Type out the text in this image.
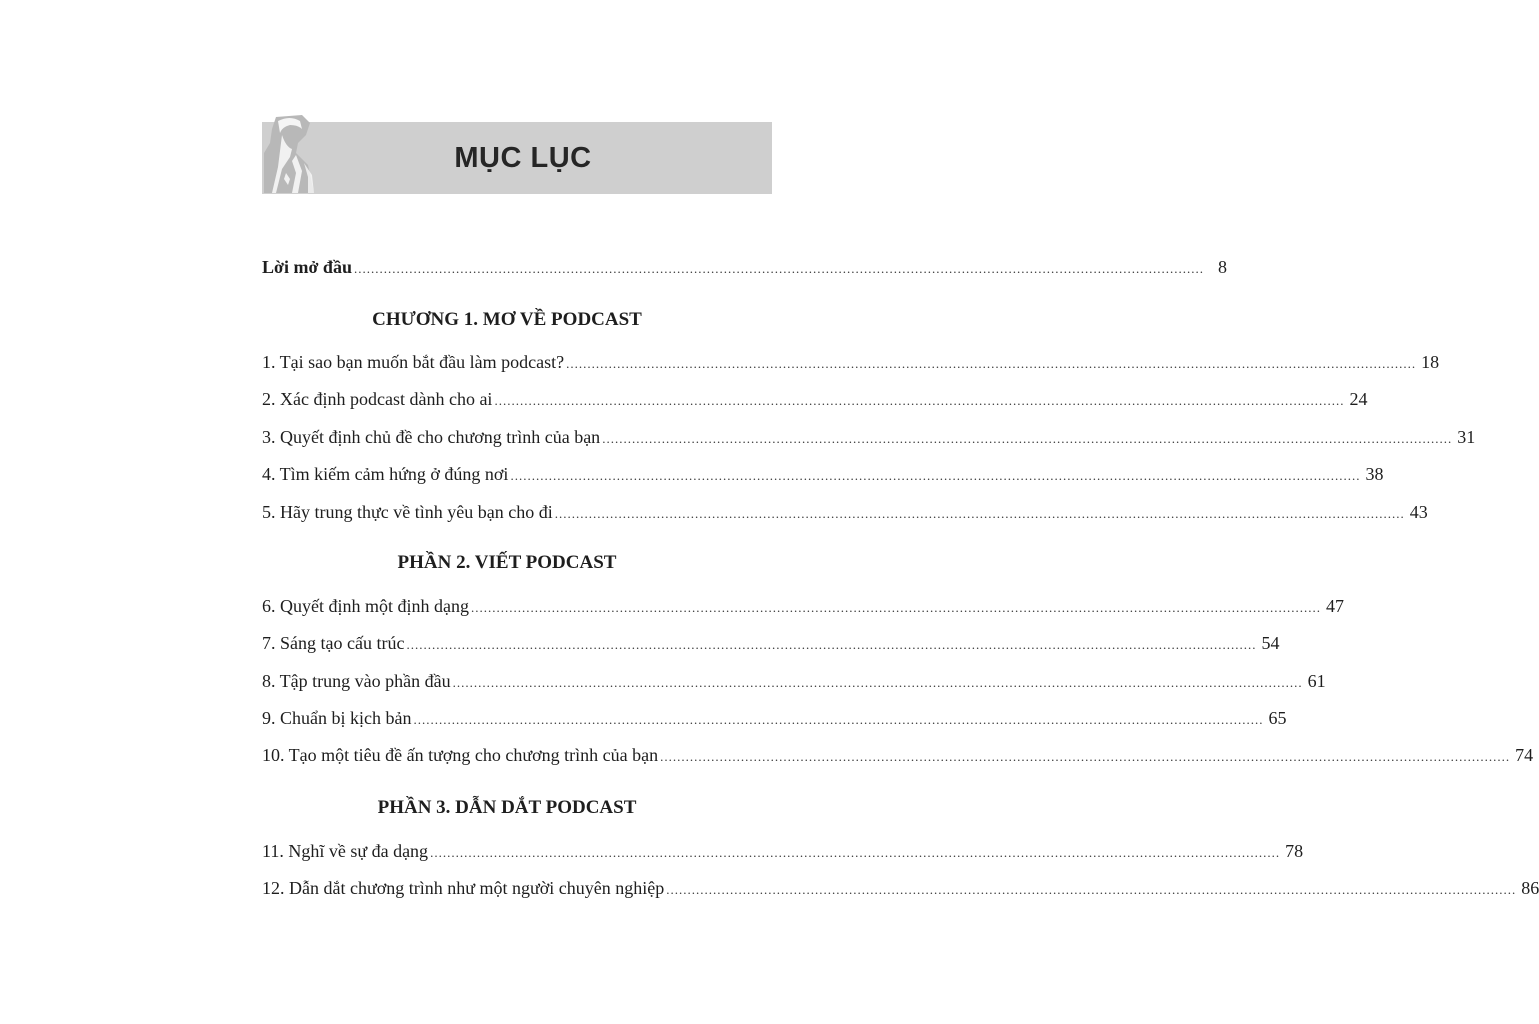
MỤC LỤC
Lời mở đầu ........................................................................................................................................................................................................ 8
CHƯƠNG 1. MƠ VỀ PODCAST
1. Tại sao bạn muốn bắt đầu làm podcast? ........................................................................................................................................................................................................ 18
2. Xác định podcast dành cho ai ........................................................................................................................................................................................................ 24
3. Quyết định chủ đề cho chương trình của bạn ........................................................................................................................................................................................................ 31
4. Tìm kiếm cảm hứng ở đúng nơi ........................................................................................................................................................................................................ 38
5. Hãy trung thực về tình yêu bạn cho đi ........................................................................................................................................................................................................ 43
PHẦN 2. VIẾT PODCAST
6. Quyết định một định dạng ........................................................................................................................................................................................................ 47
7. Sáng tạo cấu trúc ........................................................................................................................................................................................................ 54
8. Tập trung vào phần đầu ........................................................................................................................................................................................................ 61
9. Chuẩn bị kịch bản ........................................................................................................................................................................................................ 65
10. Tạo một tiêu đề ấn tượng cho chương trình của bạn ........................................................................................................................................................................................................ 74
PHẦN 3. DẪN DẮT PODCAST
11. Nghĩ về sự đa dạng ........................................................................................................................................................................................................ 78
12. Dẫn dắt chương trình như một người chuyên nghiệp ........................................................................................................................................................................................................ 86
